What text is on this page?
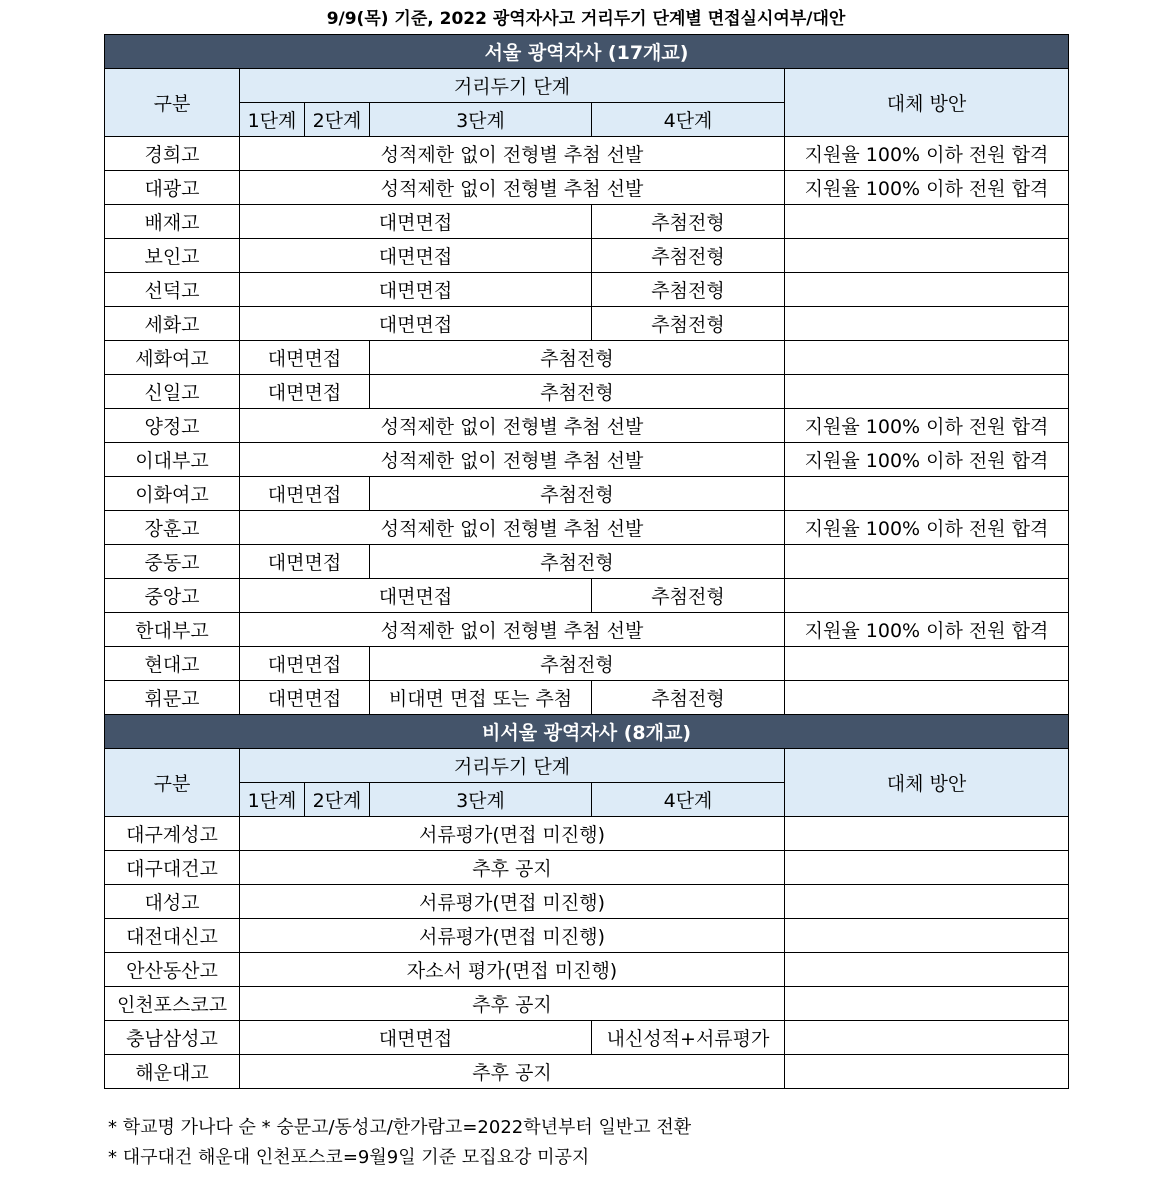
9/9(목) 기준, 2022 광역자사고 거리두기 단계별 면접실시여부/대안
서울 광역자사 (17개교)					
구분	거리두기 단계				대체 방안
	1단계	2단계	3단계	4단계	
경희고	성적제한 없이 전형별 추첨 선발				지원율 100% 이하 전원 합격
대광고	성적제한 없이 전형별 추첨 선발				지원율 100% 이하 전원 합격
배재고	대면면접			추첨전형	
보인고	대면면접			추첨전형	
선덕고	대면면접			추첨전형	
세화고	대면면접			추첨전형	
세화여고	대면면접		추첨전형		
신일고	대면면접		추첨전형		
양정고	성적제한 없이 전형별 추첨 선발				지원율 100% 이하 전원 합격
이대부고	성적제한 없이 전형별 추첨 선발				지원율 100% 이하 전원 합격
이화여고	대면면접		추첨전형		
장훈고	성적제한 없이 전형별 추첨 선발				지원율 100% 이하 전원 합격
중동고	대면면접		추첨전형		
중앙고	대면면접			추첨전형	
한대부고	성적제한 없이 전형별 추첨 선발				지원율 100% 이하 전원 합격
현대고	대면면접		추첨전형		
휘문고	대면면접		비대면 면접 또는 추첨	추첨전형	
비서울 광역자사 (8개교)					
구분	거리두기 단계				대체 방안
	1단계	2단계	3단계	4단계	
대구계성고	서류평가(면접 미진행)				
대구대건고	추후 공지				
대성고	서류평가(면접 미진행)				
대전대신고	서류평가(면접 미진행)				
안산동산고	자소서 평가(면접 미진행)				
인천포스코고	추후 공지				
충남삼성고	대면면접			내신성적+서류평가	
해운대고	추후 공지				
* 학교명 가나다 순 * 숭문고/동성고/한가람고=2022학년부터 일반고 전환
* 대구대건 해운대 인천포스코=9월9일 기준 모집요강 미공지
